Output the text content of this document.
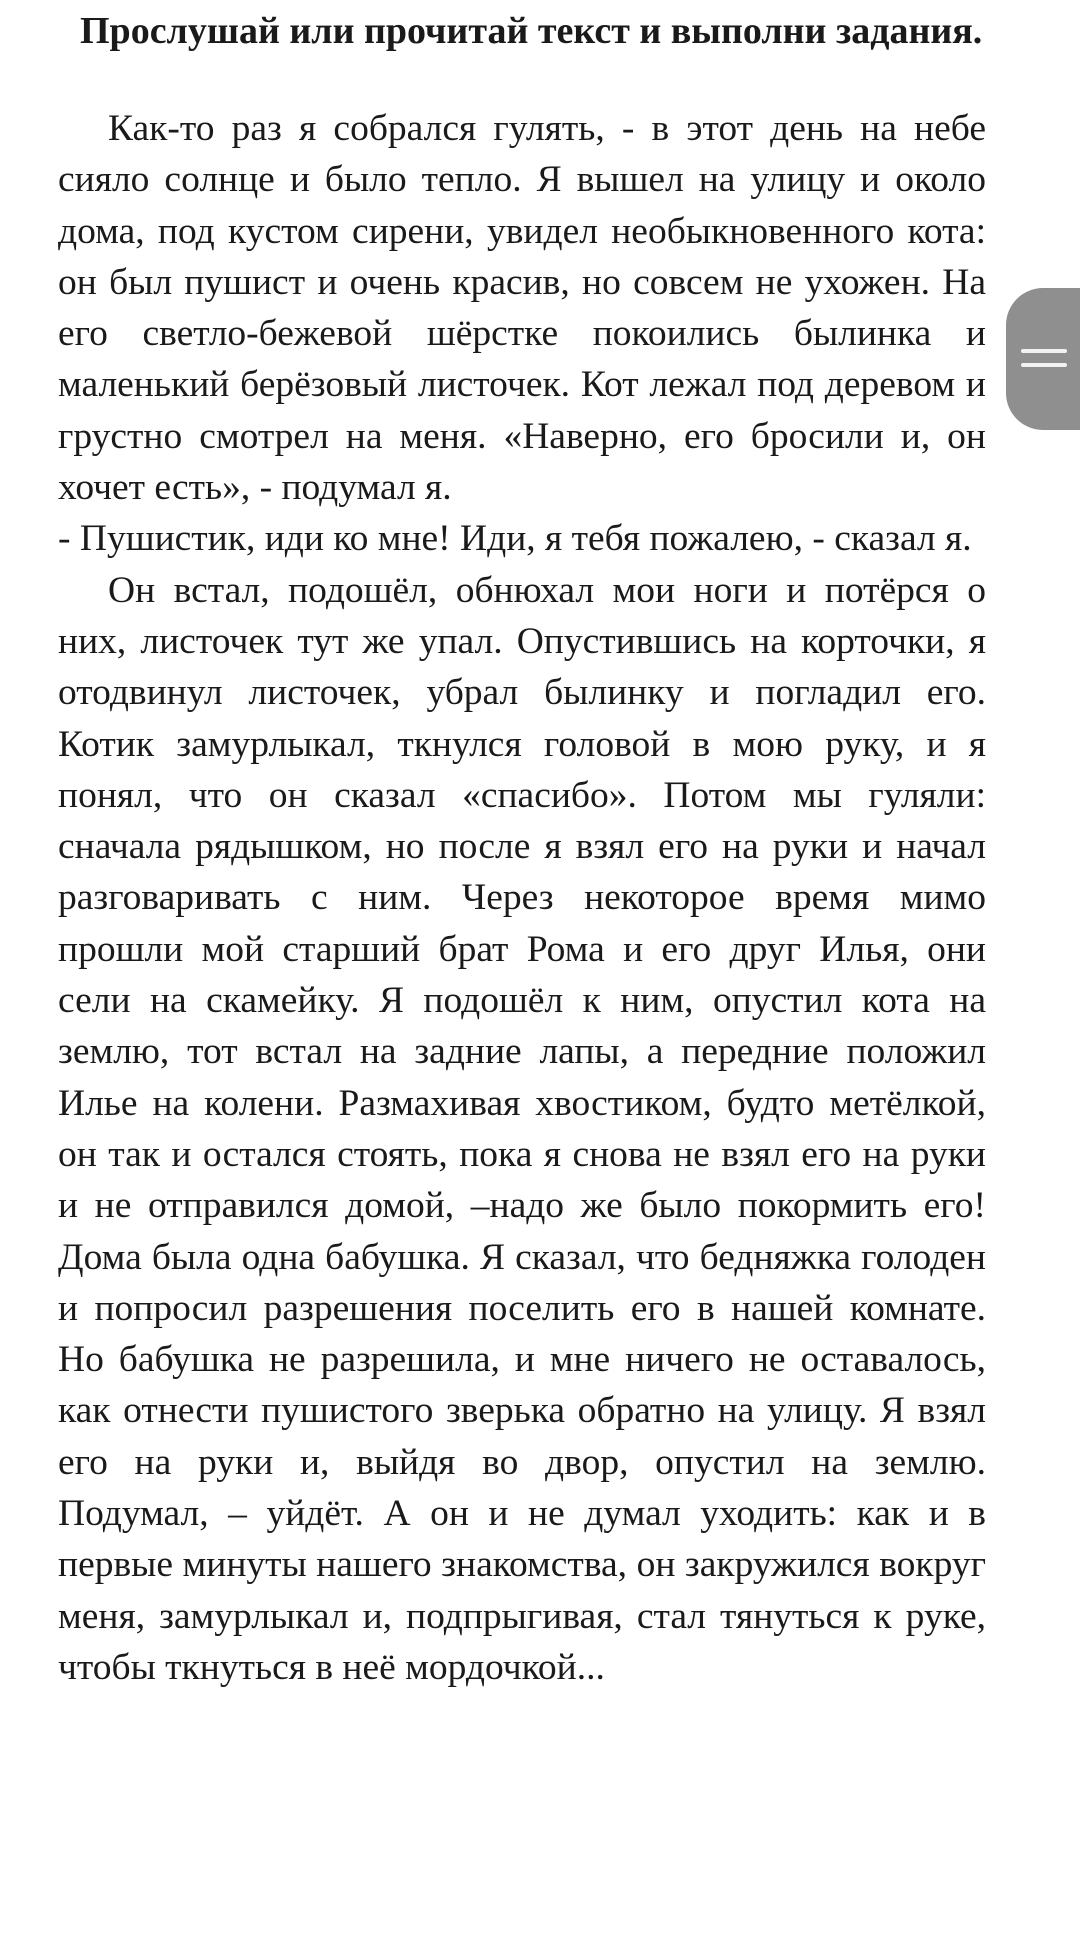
Прослушай или прочитай текст и выполни задания.

Как-то раз я собрался гулять, - в этот день на небе сияло солнце и было тепло. Я вышел на улицу и около дома, под кустом сирени, увидел необыкновенного кота: он был пушист и очень красив, но совсем не ухожен. На его светло-бежевой шёрстке покоились былинка и маленький берёзовый листочек. Кот лежал под деревом и грустно смотрел на меня. «Наверно, его бросили и, он хочет есть», - подумал я.

- Пушистик, иди ко мне! Иди, я тебя пожалею, - сказал я.

Он встал, подошёл, обнюхал мои ноги и потёрся о них, листочек тут же упал. Опустившись на корточки, я отодвинул листочек, убрал былинку и погладил его. Котик замурлыкал, ткнулся головой в мою руку, и я понял, что он сказал «спасибо». Потом мы гуляли: сначала рядышком, но после я взял его на руки и начал разговаривать с ним. Через некоторое время мимо прошли мой старший брат Рома и его друг Илья, они сели на скамейку. Я подошёл к ним, опустил кота на землю, тот встал на задние лапы, а передние положил Илье на колени. Размахивая хвостиком, будто метёлкой, он так и остался стоять, пока я снова не взял его на руки и не отправился домой, –надо же было покормить его! Дома была одна бабушка. Я сказал, что бедняжка голоден и попросил разрешения поселить его в нашей комнате. Но бабушка не разрешила, и мне ничего не оставалось, как отнести пушистого зверька обратно на улицу. Я взял его на руки и, выйдя во двор, опустил на землю. Подумал, – уйдёт. А он и не думал уходить: как и в первые минуты нашего знакомства, он закружился вокруг меня, замурлыкал и, подпрыгивая, стал тянуться к руке, чтобы ткнуться в неё мордочкой...
